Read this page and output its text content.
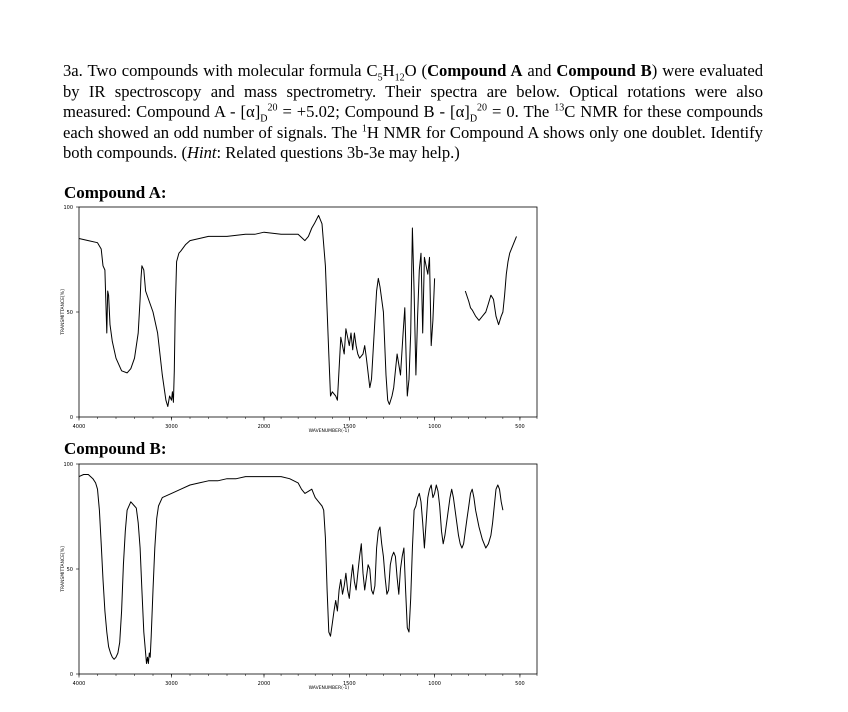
3a. Two compounds with molecular formula $C_5H_{12}O$ (Compound A and Compound B) were evaluated by IR spectroscopy and mass spectrometry. Their spectra are below. Optical rotations were also measured: Compound $A - [\alpha]_D^{20} = +5.02$; Compound $B - [\alpha]_D^{20} = 0$. The $^{13}$C NMR for these compounds each showed an odd number of signals. The $^1$H NMR for Compound A shows only one doublet. Identify both compounds. (Hint: Related questions 3b-3e may help.)

Compound A:
Compound B:
100
50
0
TRANSMITTANCE[%]
4000	3000	2000	1500	1000	500
WAVENUMBER(-1)
100
50
0
TRANSMITTANCE[%]
4000	3000	2000	1500	1000	500
WAVENUMBER(-1)
